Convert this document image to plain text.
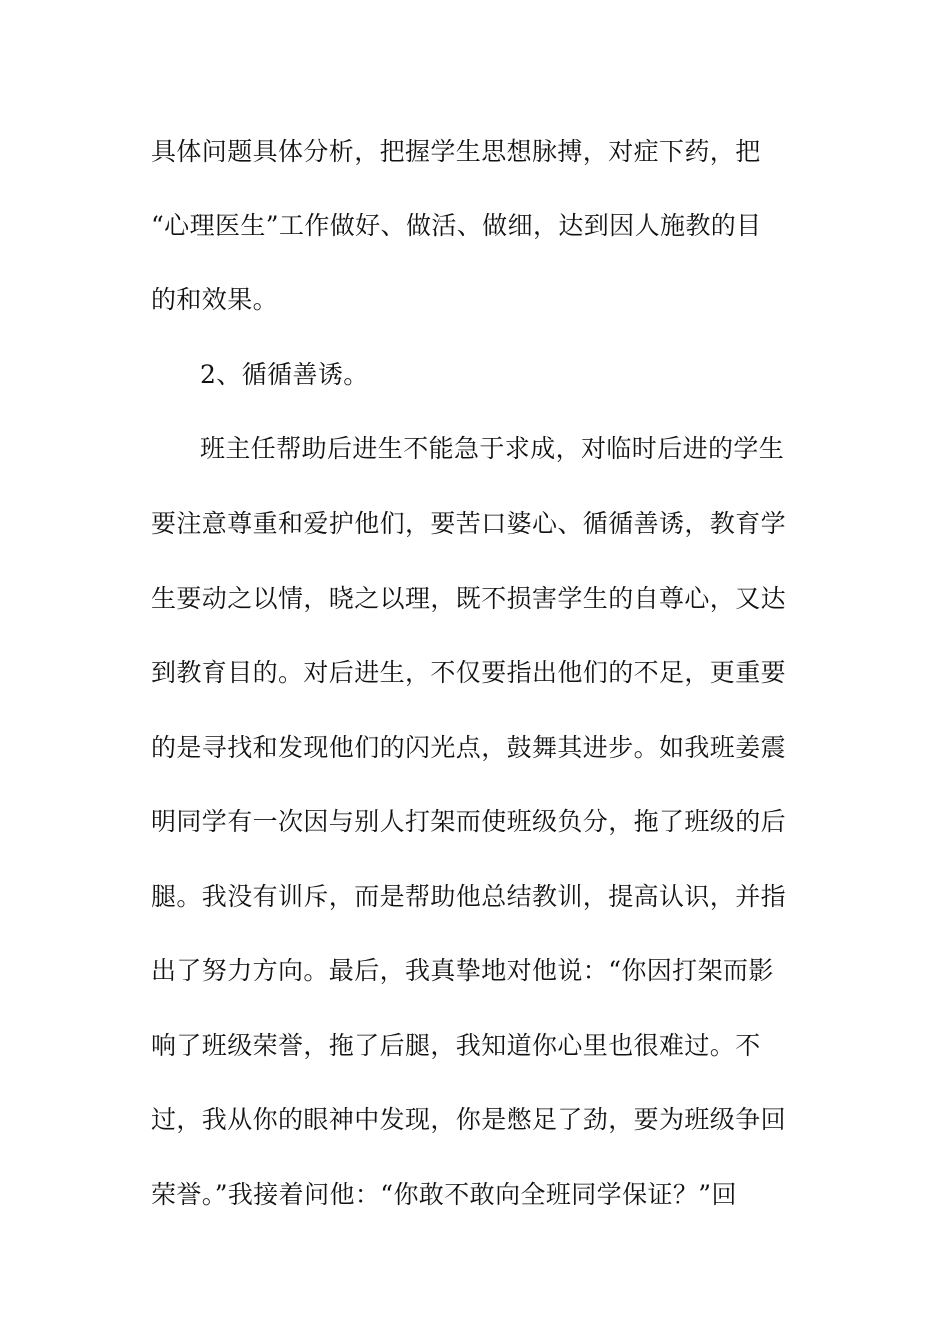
具体问题具体分析，把握学生思想脉搏，对症下药，把
“心理医生”工作做好、做活、做细，达到因人施教的目
的和效果。
2、循循善诱。
班主任帮助后进生不能急于求成，对临时后进的学生
要注意尊重和爱护他们，要苦口婆心、循循善诱，教育学
生要动之以情，晓之以理，既不损害学生的自尊心，又达
到教育目的。对后进生，不仅要指出他们的不足，更重要
的是寻找和发现他们的闪光点，鼓舞其进步。如我班姜震
明同学有一次因与别人打架而使班级负分，拖了班级的后
腿。我没有训斥，而是帮助他总结教训，提高认识，并指
出了努力方向。最后，我真挚地对他说：“你因打架而影
响了班级荣誉，拖了后腿，我知道你心里也很难过。不
过，我从你的眼神中发现，你是憋足了劲，要为班级争回
荣誉。”我接着问他：“你敢不敢向全班同学保证？”回
